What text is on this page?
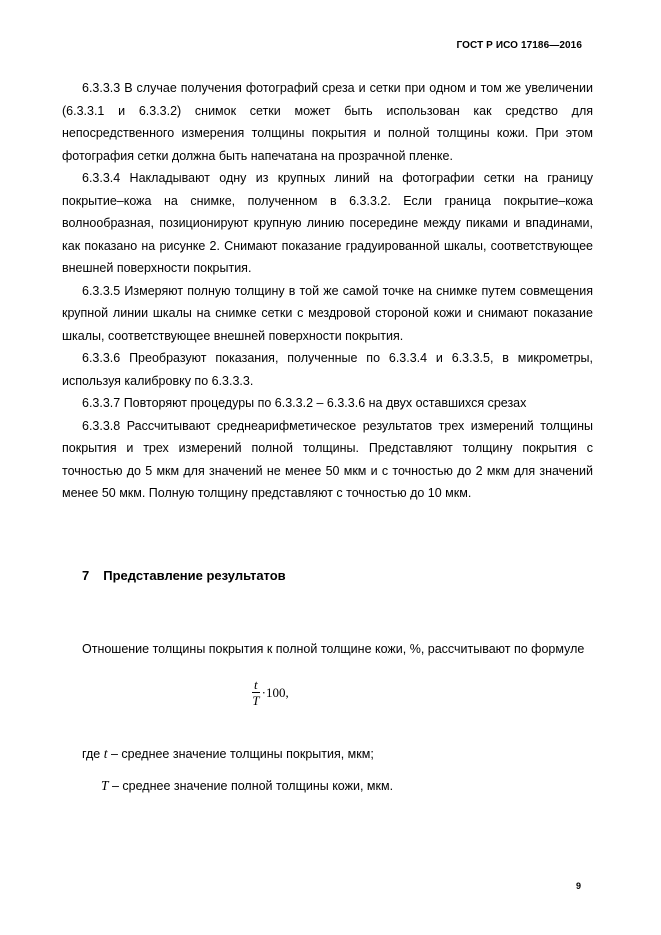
ГОСТ Р ИСО 17186—2016

6.3.3.3 В случае получения фотографий среза и сетки при одном и том же увеличении (6.3.3.1 и 6.3.3.2) снимок сетки может быть использован как средство для непосредственного измерения толщины покрытия и полной толщины кожи. При этом фотография сетки должна быть напечатана на прозрачной пленке.

6.3.3.4 Накладывают одну из крупных линий на фотографии сетки на границу покрытие–кожа на снимке, полученном в 6.3.3.2. Если граница покрытие–кожа волнообразная, позиционируют крупную линию посередине между пиками и впадинами, как показано на рисунке 2. Снимают показание градуированной шкалы, соответствующее внешней поверхности покрытия.

6.3.3.5 Измеряют полную толщину в той же самой точке на снимке путем совмещения крупной линии шкалы на снимке сетки с мездровой стороной кожи и снимают показание шкалы, соответствующее внешней поверхности покрытия.

6.3.3.6 Преобразуют показания, полученные по 6.3.3.4 и 6.3.3.5, в микрометры, используя калибровку по 6.3.3.3.

6.3.3.7 Повторяют процедуры по 6.3.3.2 – 6.3.3.6 на двух оставшихся срезах

6.3.3.8 Рассчитывают среднеарифметическое результатов трех измерений толщины покрытия и трех измерений полной толщины. Представляют толщину покрытия с точностью до 5 мкм для значений не менее 50 мкм и с точностью до 2 мкм для значений менее 50 мкм. Полную толщину представляют с точностью до 10 мкм.

7 Представление результатов

Отношение толщины покрытия к полной толщине кожи, %, рассчитывают по формуле

$\frac{t}{T} \cdot 100$,
где t – среднее значение толщины покрытия, мкм;
T – среднее значение полной толщины кожи, мкм.
9
